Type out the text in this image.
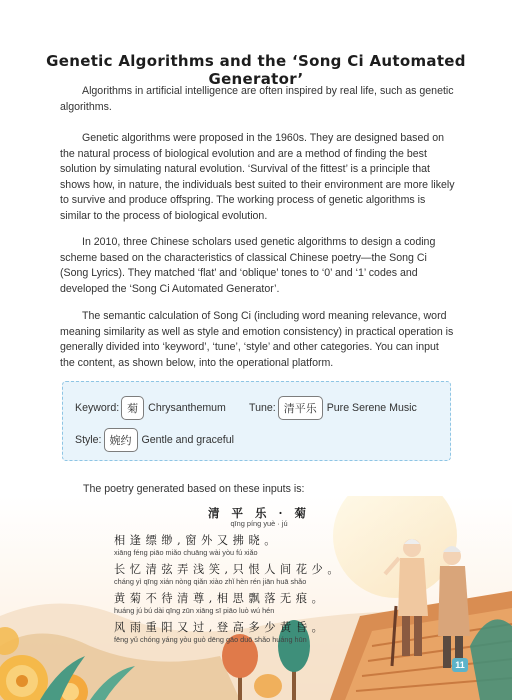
Genetic Algorithms and the ‘Song Ci Automated Generator’

Algorithms in artificial intelligence are often inspired by real life, such as genetic algorithms.

Genetic algorithms were proposed in the 1960s. They are designed based on the natural process of biological evolution and are a method of finding the best solution by simulating natural evolution. ‘Survival of the fittest’ is a principle that shows how, in nature, the individuals best suited to their environment are more likely to survive and produce offspring. The working process of genetic algorithms is similar to the process of biological evolution.

In 2010, three Chinese scholars used genetic algorithms to design a coding scheme based on the characteristics of classical Chinese poetry—the Song Ci (Song Lyrics). They matched ‘flat’ and ‘oblique’ tones to ‘0’ and ‘1’ codes and developed the ‘Song Ci Automated Generator’.

The semantic calculation of Song Ci (including word meaning relevance, word meaning similarity as well as style and emotion consistency) in practical operation is generally divided into ‘keyword’, ‘tune’, ‘style’ and other categories. You can input the content, as shown below, into the operational platform.

Keyword: 菊 Chrysanthemum Tune: 清平乐 Pure Serene Music
Style: 婉约 Gentle and graceful

The poetry generated based on these inputs is:

清 平 乐 · 菊
qīng píng yuè · jú
相逢缥缈,窗外又拂晓。
xiāng féng piāo miǎo chuāng wài yòu fú xiǎo
长忆清弦弄浅笑,只恨人间花少。
cháng yì qīng xián nòng qiǎn xiào zhǐ hèn rén jiān huā shǎo
黄菊不待清尊,相思飘落无痕。
huáng jú bú dài qīng zūn xiāng sī piāo luò wú hén
风雨重阳又过,登高多少黄昏。
fēng yǔ chóng yáng yòu guò dēng gāo duō shǎo huáng hūn
11
